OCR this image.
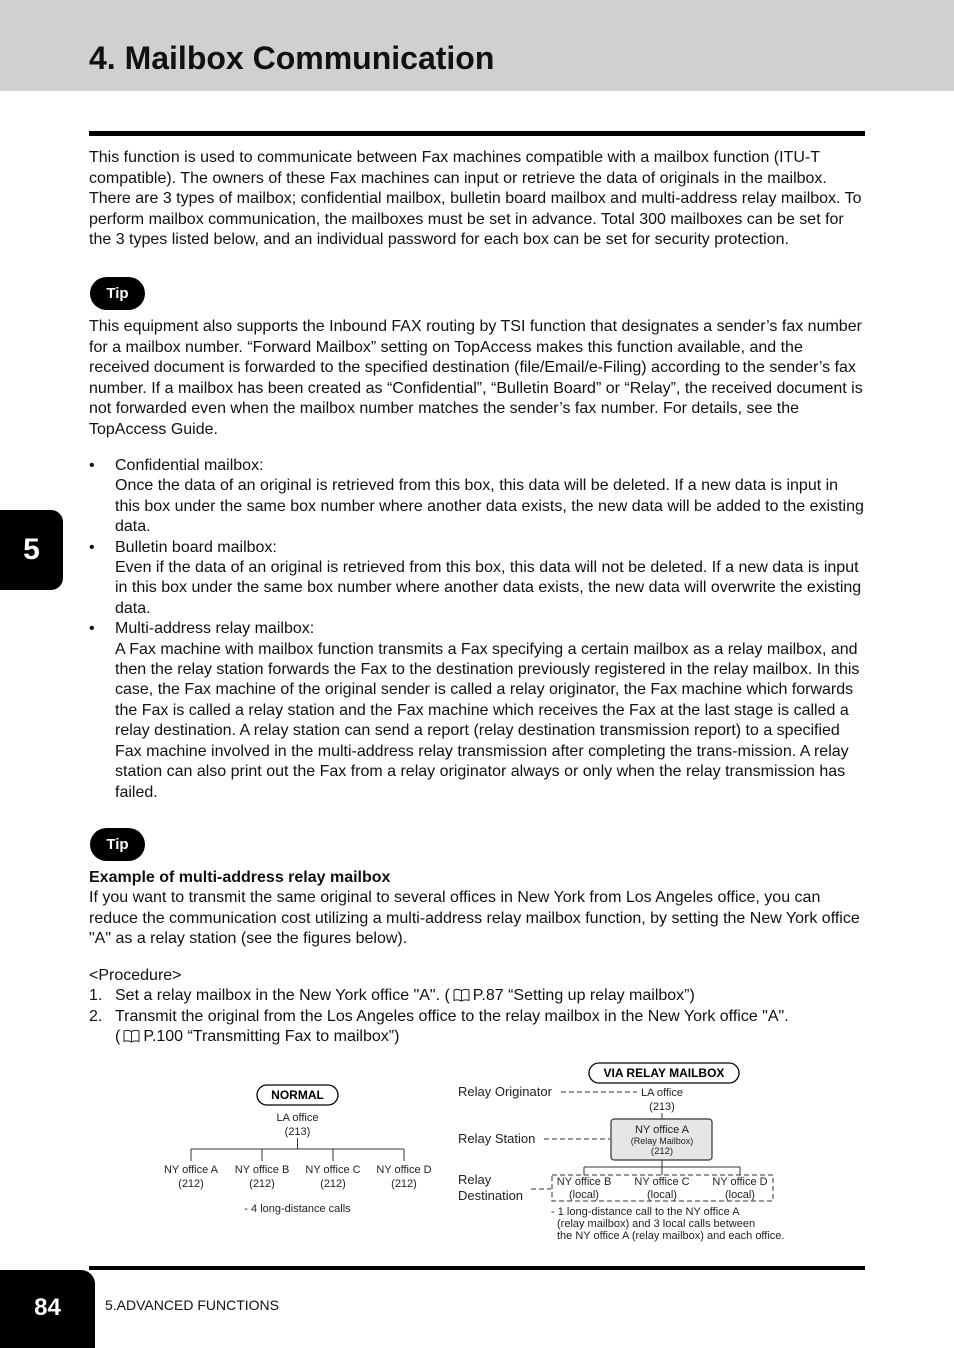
4. Mailbox Communication

This function is used to communicate between Fax machines compatible with a mailbox function (ITU-T compatible). The owners of these Fax machines can input or retrieve the data of originals in the mailbox. There are 3 types of mailbox; confidential mailbox, bulletin board mailbox and multi-address relay mailbox. To perform mailbox communication, the mailboxes must be set in advance. Total 300 mailboxes can be set for the 3 types listed below, and an individual password for each box can be set for security protection.

Tip

This equipment also supports the Inbound FAX routing by TSI function that designates a sender’s fax number for a mailbox number. “Forward Mailbox” setting on TopAccess makes this function available, and the received document is forwarded to the specified destination (file/Email/e-Filing) according to the sender’s fax number. If a mailbox has been created as “Confidential”, “Bulletin Board” or “Relay”, the received document is not forwarded even when the mailbox number matches the sender’s fax number. For details, see the TopAccess Guide.

• Confidential mailbox:
Once the data of an original is retrieved from this box, this data will be deleted. If a new data is input in this box under the same box number where another data exists, the new data will be added to the existing data.
• Bulletin board mailbox:
Even if the data of an original is retrieved from this box, this data will not be deleted. If a new data is input in this box under the same box number where another data exists, the new data will overwrite the existing data.
• Multi-address relay mailbox:
A Fax machine with mailbox function transmits a Fax specifying a certain mailbox as a relay mailbox, and then the relay station forwards the Fax to the destination previously registered in the relay mailbox. In this case, the Fax machine of the original sender is called a relay originator, the Fax machine which forwards the Fax is called a relay station and the Fax machine which receives the Fax at the last stage is called a relay destination. A relay station can send a report (relay destination transmission report) to a specified Fax machine involved in the multi-address relay transmission after completing the trans-mission. A relay station can also print out the Fax from a relay originator always or only when the relay transmission has failed.
Tip

Example of multi-address relay mailbox

If you want to transmit the same original to several offices in New York from Los Angeles office, you can reduce the communication cost utilizing a multi-address relay mailbox function, by setting the New York office "A" as a relay station (see the figures below).

<Procedure>

1. Set a relay mailbox in the New York office "A". ( P.87 “Setting up relay mailbox”)
2. Transmit the original from the Los Angeles office to the relay mailbox in the New York office "A".
( P.100 “Transmitting Fax to mailbox”)
NORMAL
LA office
(213)
NY office A
(212)
NY office B
(212)
NY office C
(212)
NY office D
(212)
- 4 long-distance calls
VIA RELAY MAILBOX
Relay Originator	LA office
(213)
Relay Station
NY office A
(Relay Mailbox)
(212)
Relay
Destination
NY office B
(local)
NY office C
(local)
NY office D
(local)
- 1 long-distance call to the NY office A
(relay mailbox) and 3 local calls between
the NY office A (relay mailbox) and each office.
5
84	5.ADVANCED FUNCTIONS
